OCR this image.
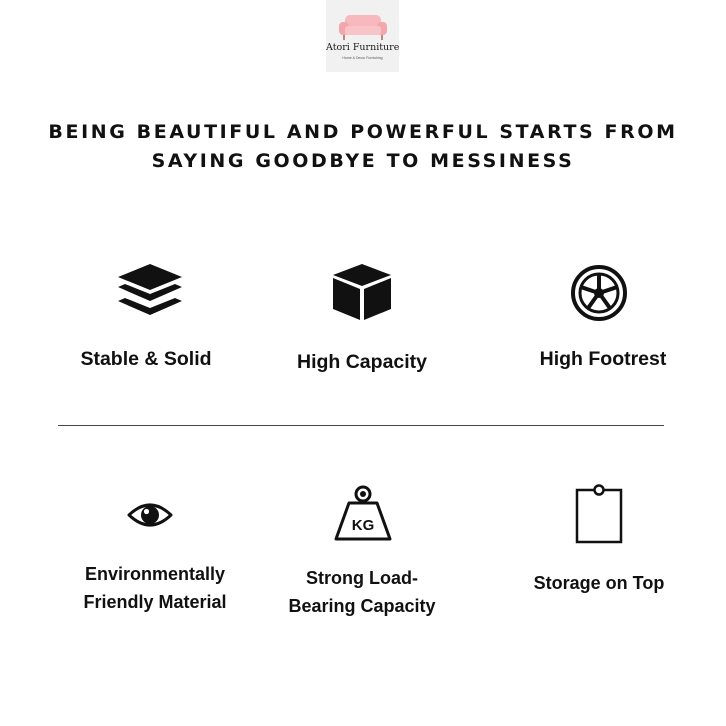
Atori Furniture
Home & Decor Furnishing
BEING BEAUTIFUL AND POWERFUL STARTS FROM
SAYING GOODBYE TO MESSINESS
Stable & Solid	High Capacity	High Footrest
KG
Environmentally
Friendly Material
Strong Load-
Bearing Capacity
Storage on Top
